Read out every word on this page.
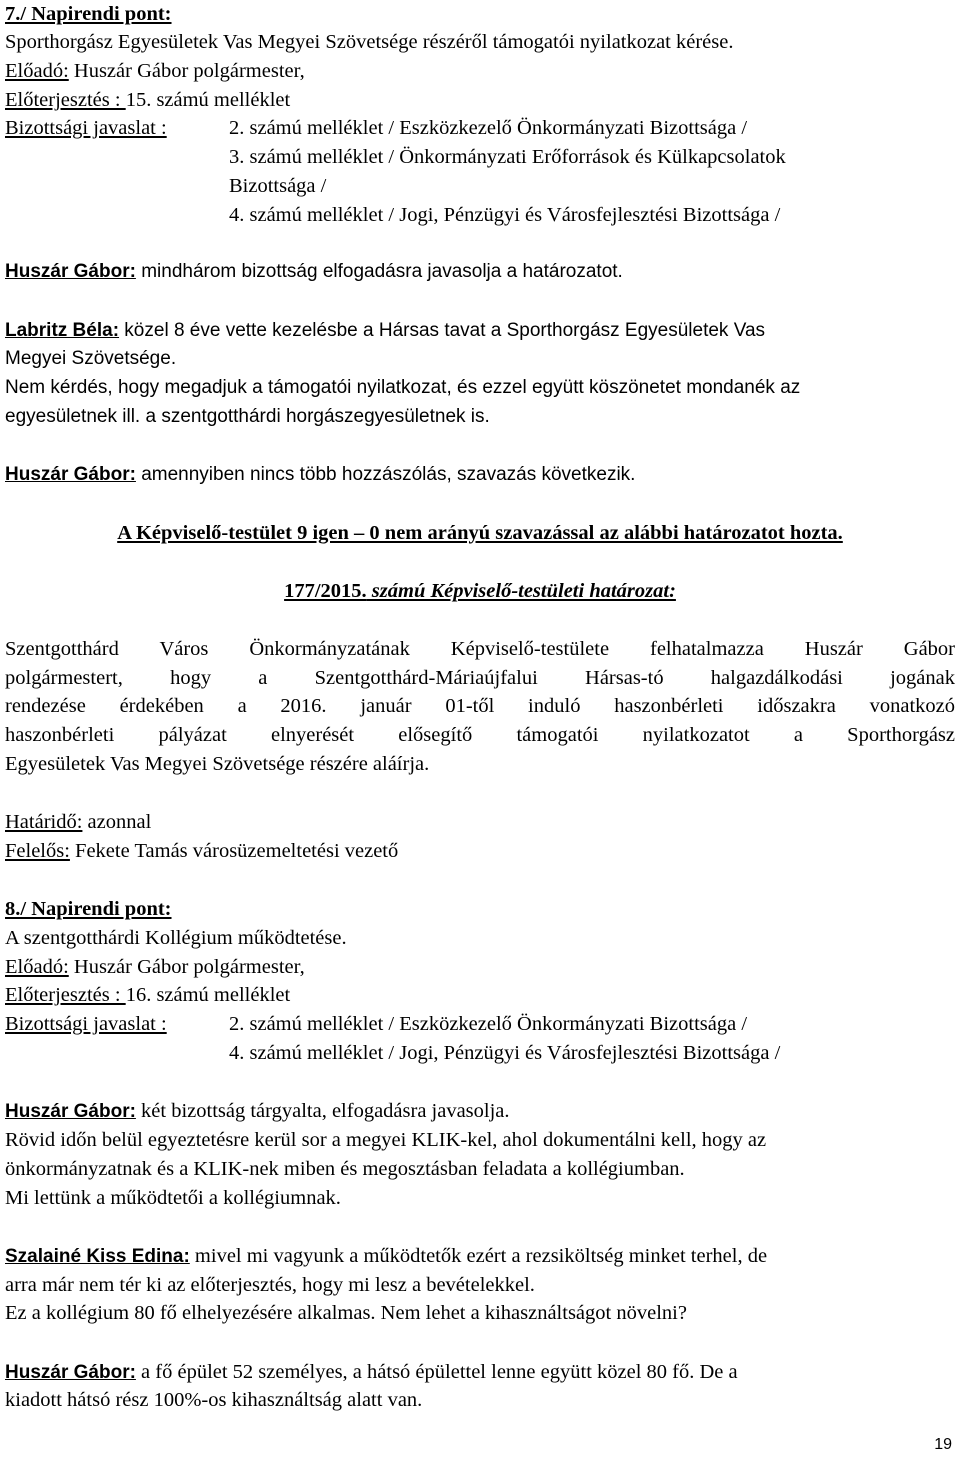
7./ Napirendi pont:
Sporthorgász Egyesületek Vas Megyei Szövetsége részéről támogatói nyilatkozat kérése.
Előadó: Huszár Gábor polgármester,
Előterjesztés : 15. számú melléklet
Bizottsági javaslat :	2. számú melléklet / Eszközkezelő Önkormányzati Bizottsága /
3. számú melléklet / Önkormányzati Erőforrások és Külkapcsolatok
Bizottsága /
4. számú melléklet / Jogi, Pénzügyi és Városfejlesztési Bizottsága /
Huszár Gábor: mindhárom bizottság elfogadásra javasolja a határozatot.
Labritz Béla: közel 8 éve vette kezelésbe a Hársas tavat a Sporthorgász Egyesületek Vas
Megyei Szövetsége.
Nem kérdés, hogy megadjuk a támogatói nyilatkozat, és ezzel együtt köszönetet mondanék az
egyesületnek ill. a szentgotthárdi horgászegyesületnek is.
Huszár Gábor: amennyiben nincs több hozzászólás, szavazás következik.
A Képviselő-testület 9 igen – 0 nem arányú szavazással az alábbi határozatot hozta.
177/2015. számú Képviselő-testületi határozat:
Szentgotthárd Város Önkormányzatának Képviselő-testülete felhatalmazza Huszár Gábor
polgármestert, hogy a Szentgotthárd-Máriaújfalui Hársas-tó halgazdálkodási jogának
rendezése érdekében a 2016. január 01-től induló haszonbérleti időszakra vonatkozó
haszonbérleti pályázat elnyerését elősegítő támogatói nyilatkozatot a Sporthorgász
Egyesületek Vas Megyei Szövetsége részére aláírja.
Határidő: azonnal
Felelős: Fekete Tamás városüzemeltetési vezető
8./ Napirendi pont:
A szentgotthárdi Kollégium működtetése.
Előadó: Huszár Gábor polgármester,
Előterjesztés : 16. számú melléklet
Bizottsági javaslat :	2. számú melléklet / Eszközkezelő Önkormányzati Bizottsága /
4. számú melléklet / Jogi, Pénzügyi és Városfejlesztési Bizottsága /
Huszár Gábor: két bizottság tárgyalta, elfogadásra javasolja.
Rövid időn belül egyeztetésre kerül sor a megyei KLIK-kel, ahol dokumentálni kell, hogy az
önkormányzatnak és a KLIK-nek miben és megosztásban feladata a kollégiumban.
Mi lettünk a működtetői a kollégiumnak.
Szalainé Kiss Edina: mivel mi vagyunk a működtetők ezért a rezsiköltség minket terhel, de
arra már nem tér ki az előterjesztés, hogy mi lesz a bevételekkel.
Ez a kollégium 80 fő elhelyezésére alkalmas. Nem lehet a kihasználtságot növelni?
Huszár Gábor: a fő épület 52 személyes, a hátsó épülettel lenne együtt közel 80 fő. De a
kiadott hátsó rész 100%-os kihasználtság alatt van.
19
